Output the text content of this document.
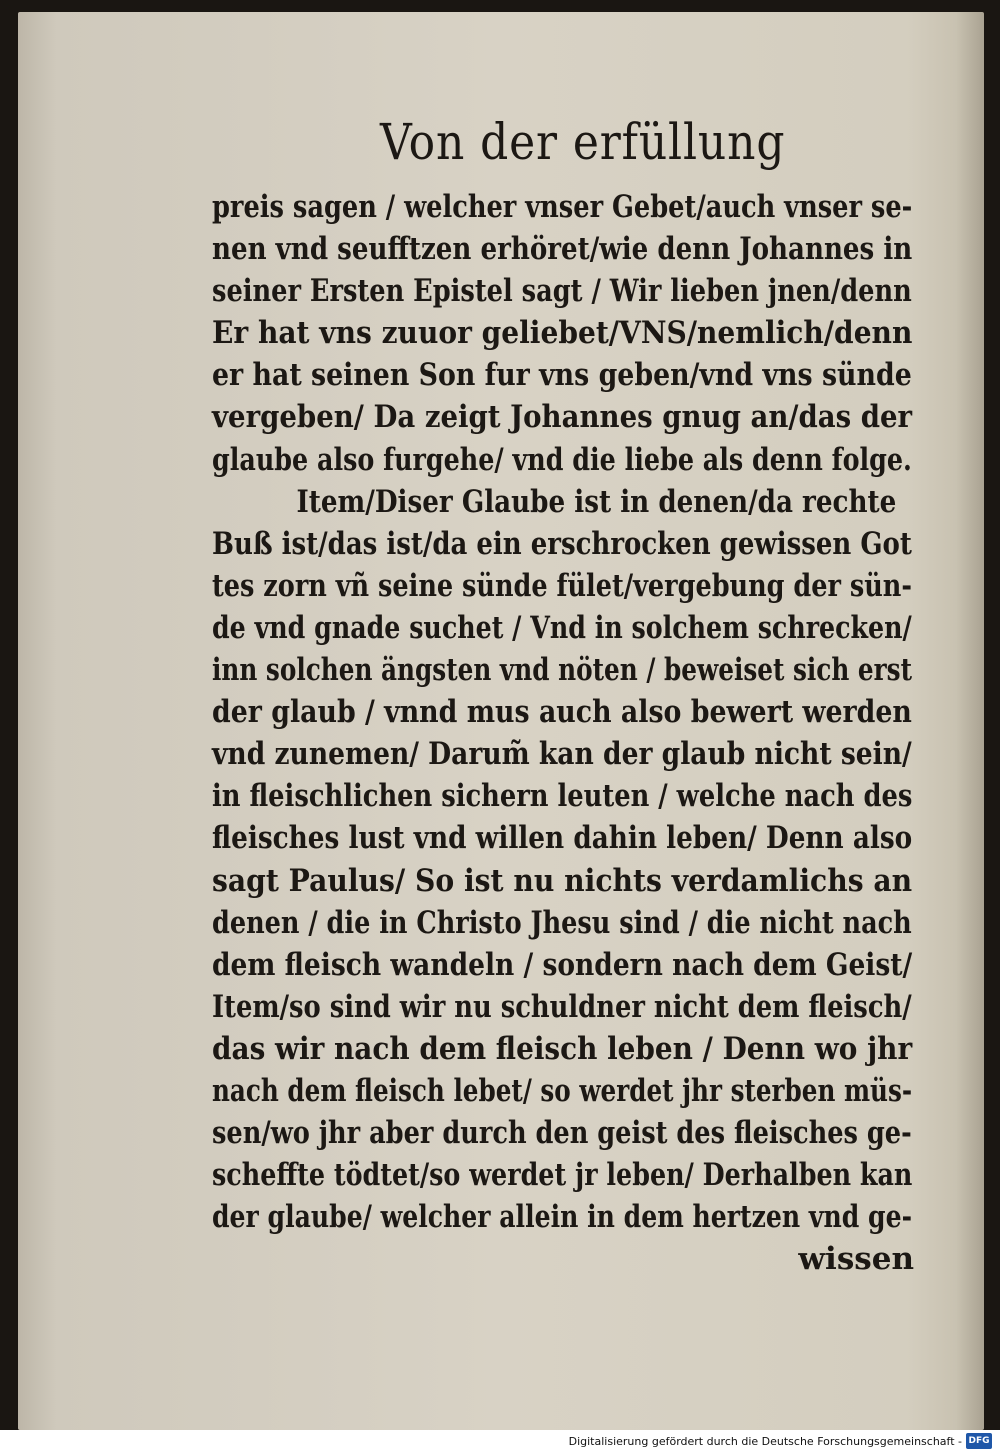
Von der erfüllung
preis sagen / welcher vnser Gebet/auch vnser se-
nen vnd seufftzen erhöret/wie denn Johannes in
seiner Ersten Epistel sagt / Wir lieben jnen/denn
Er hat vns zuuor geliebet/VNS/nemlich/denn
er hat seinen Son fur vns geben/vnd vns sünde
vergeben/ Da zeigt Johannes gnug an/das der
glaube also furgehe/ vnd die liebe als denn folge.
Item/Diser Glaube ist in denen/da rechte
Buß ist/das ist/da ein erschrocken gewissen Got
tes zorn vñ seine sünde fület/vergebung der sün-
de vnd gnade suchet / Vnd in solchem schrecken/
inn solchen ängsten vnd nöten / beweiset sich erst
der glaub / vnnd mus auch also bewert werden
vnd zunemen/ Darum̃ kan der glaub nicht sein/
in fleischlichen sichern leuten / welche nach des
fleisches lust vnd willen dahin leben/ Denn also
sagt Paulus/ So ist nu nichts verdamlichs an
denen / die in Christo Jhesu sind / die nicht nach
dem fleisch wandeln / sondern nach dem Geist/
Item/so sind wir nu schuldner nicht dem fleisch/
das wir nach dem fleisch leben / Denn wo jhr
nach dem fleisch lebet/ so werdet jhr sterben müs-
sen/wo jhr aber durch den geist des fleisches ge-
scheffte tödtet/so werdet jr leben/ Derhalben kan
der glaube/ welcher allein in dem hertzen vnd ge-
wissen
Digitalisierung gefördert durch die Deutsche Forschungsgemeinschaft - DFG
